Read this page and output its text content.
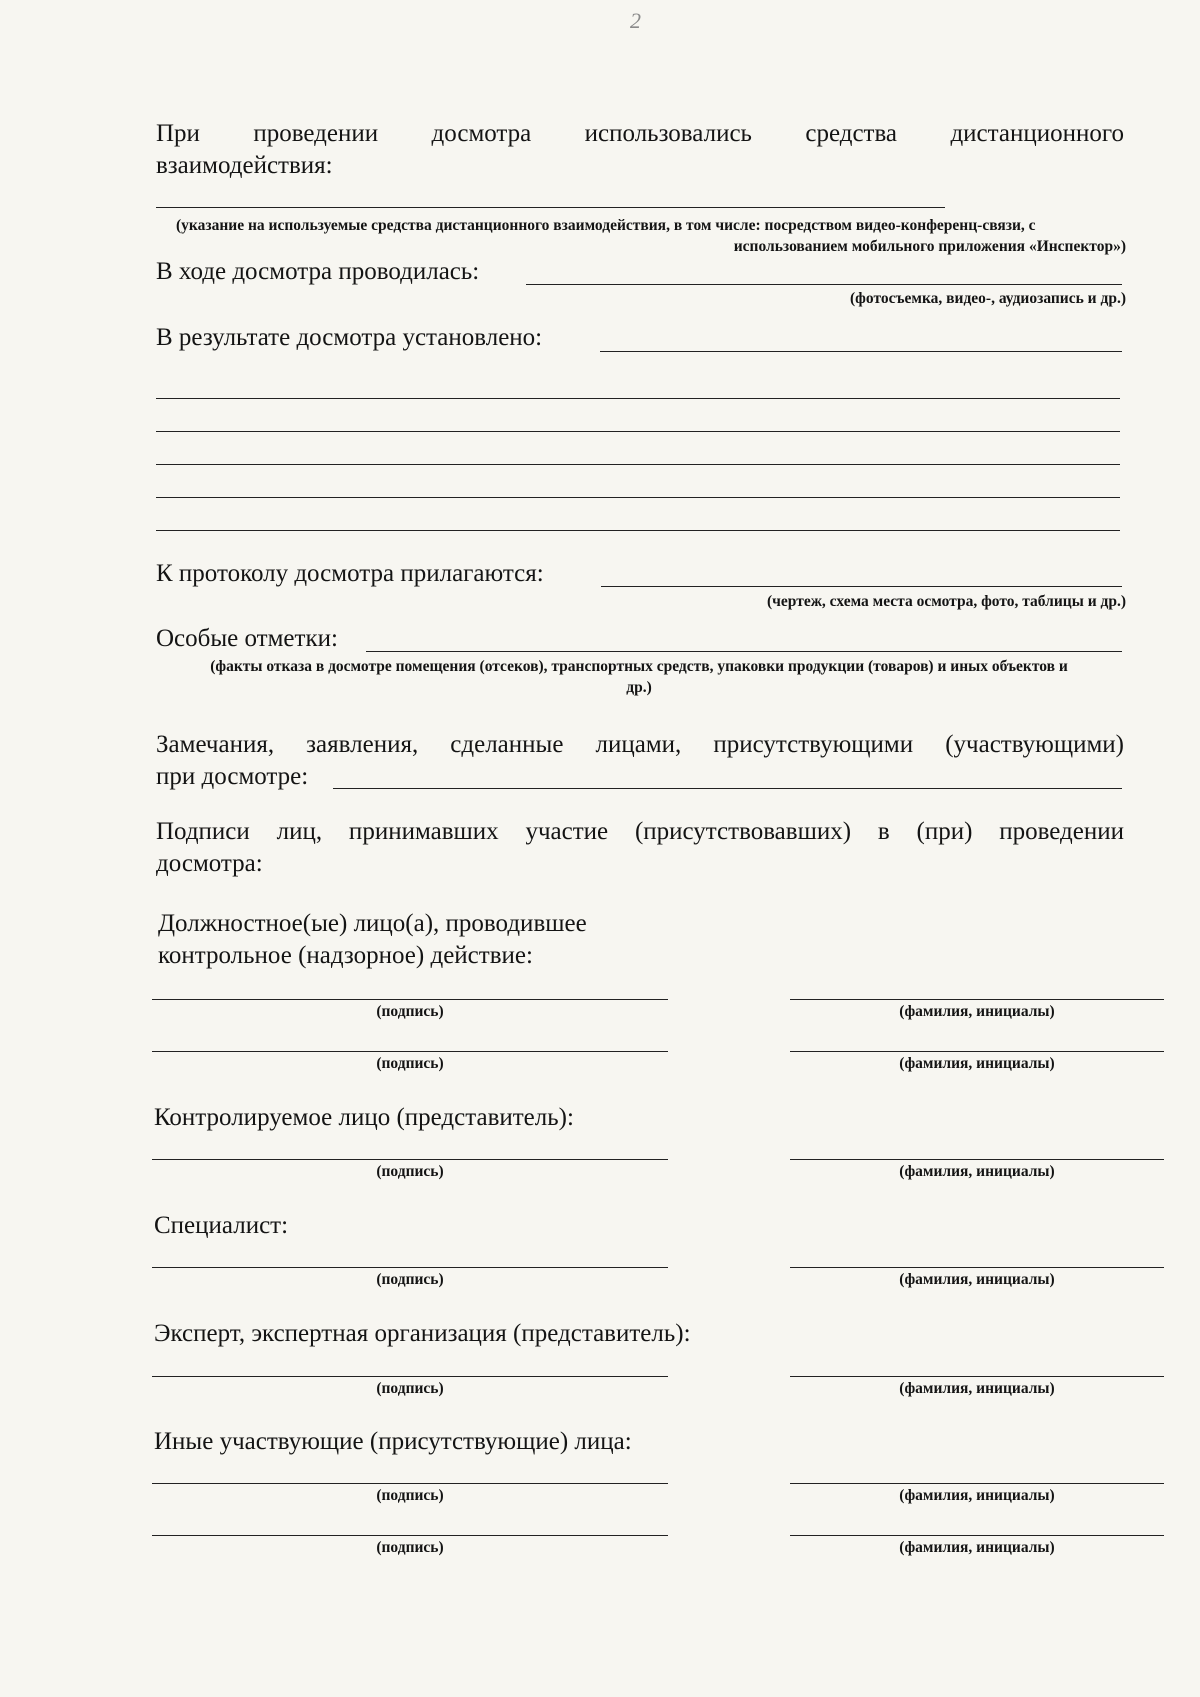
2
При проведении досмотра использовались средства дистанционного
взаимодействия:
(указание на используемые средства дистанционного взаимодействия, в том числе: посредством видео-конференц-связи, с
использованием мобильного приложения «Инспектор»)
В ходе досмотра проводилась:
(фотосъемка, видео-, аудиозапись и др.)
В результате досмотра установлено:
К протоколу досмотра прилагаются:
(чертеж, схема места осмотра, фото, таблицы и др.)
Особые отметки:
(факты отказа в досмотре помещения (отсеков), транспортных средств, упаковки продукции (товаров) и иных объектов и
др.)
Замечания, заявления, сделанные лицами, присутствующими (участвующими)
при досмотре:
Подписи лиц, принимавших участие (присутствовавших) в (при) проведении
досмотра:
Должностное(ые) лицо(а), проводившее
контрольное (надзорное) действие:
(подпись)	(фамилия, инициалы)
(подпись)	(фамилия, инициалы)
Контролируемое лицо (представитель):
(подпись)	(фамилия, инициалы)
Специалист:
(подпись)	(фамилия, инициалы)
Эксперт, экспертная организация (представитель):
(подпись)	(фамилия, инициалы)
Иные участвующие (присутствующие) лица:
(подпись)	(фамилия, инициалы)
(подпись)	(фамилия, инициалы)
